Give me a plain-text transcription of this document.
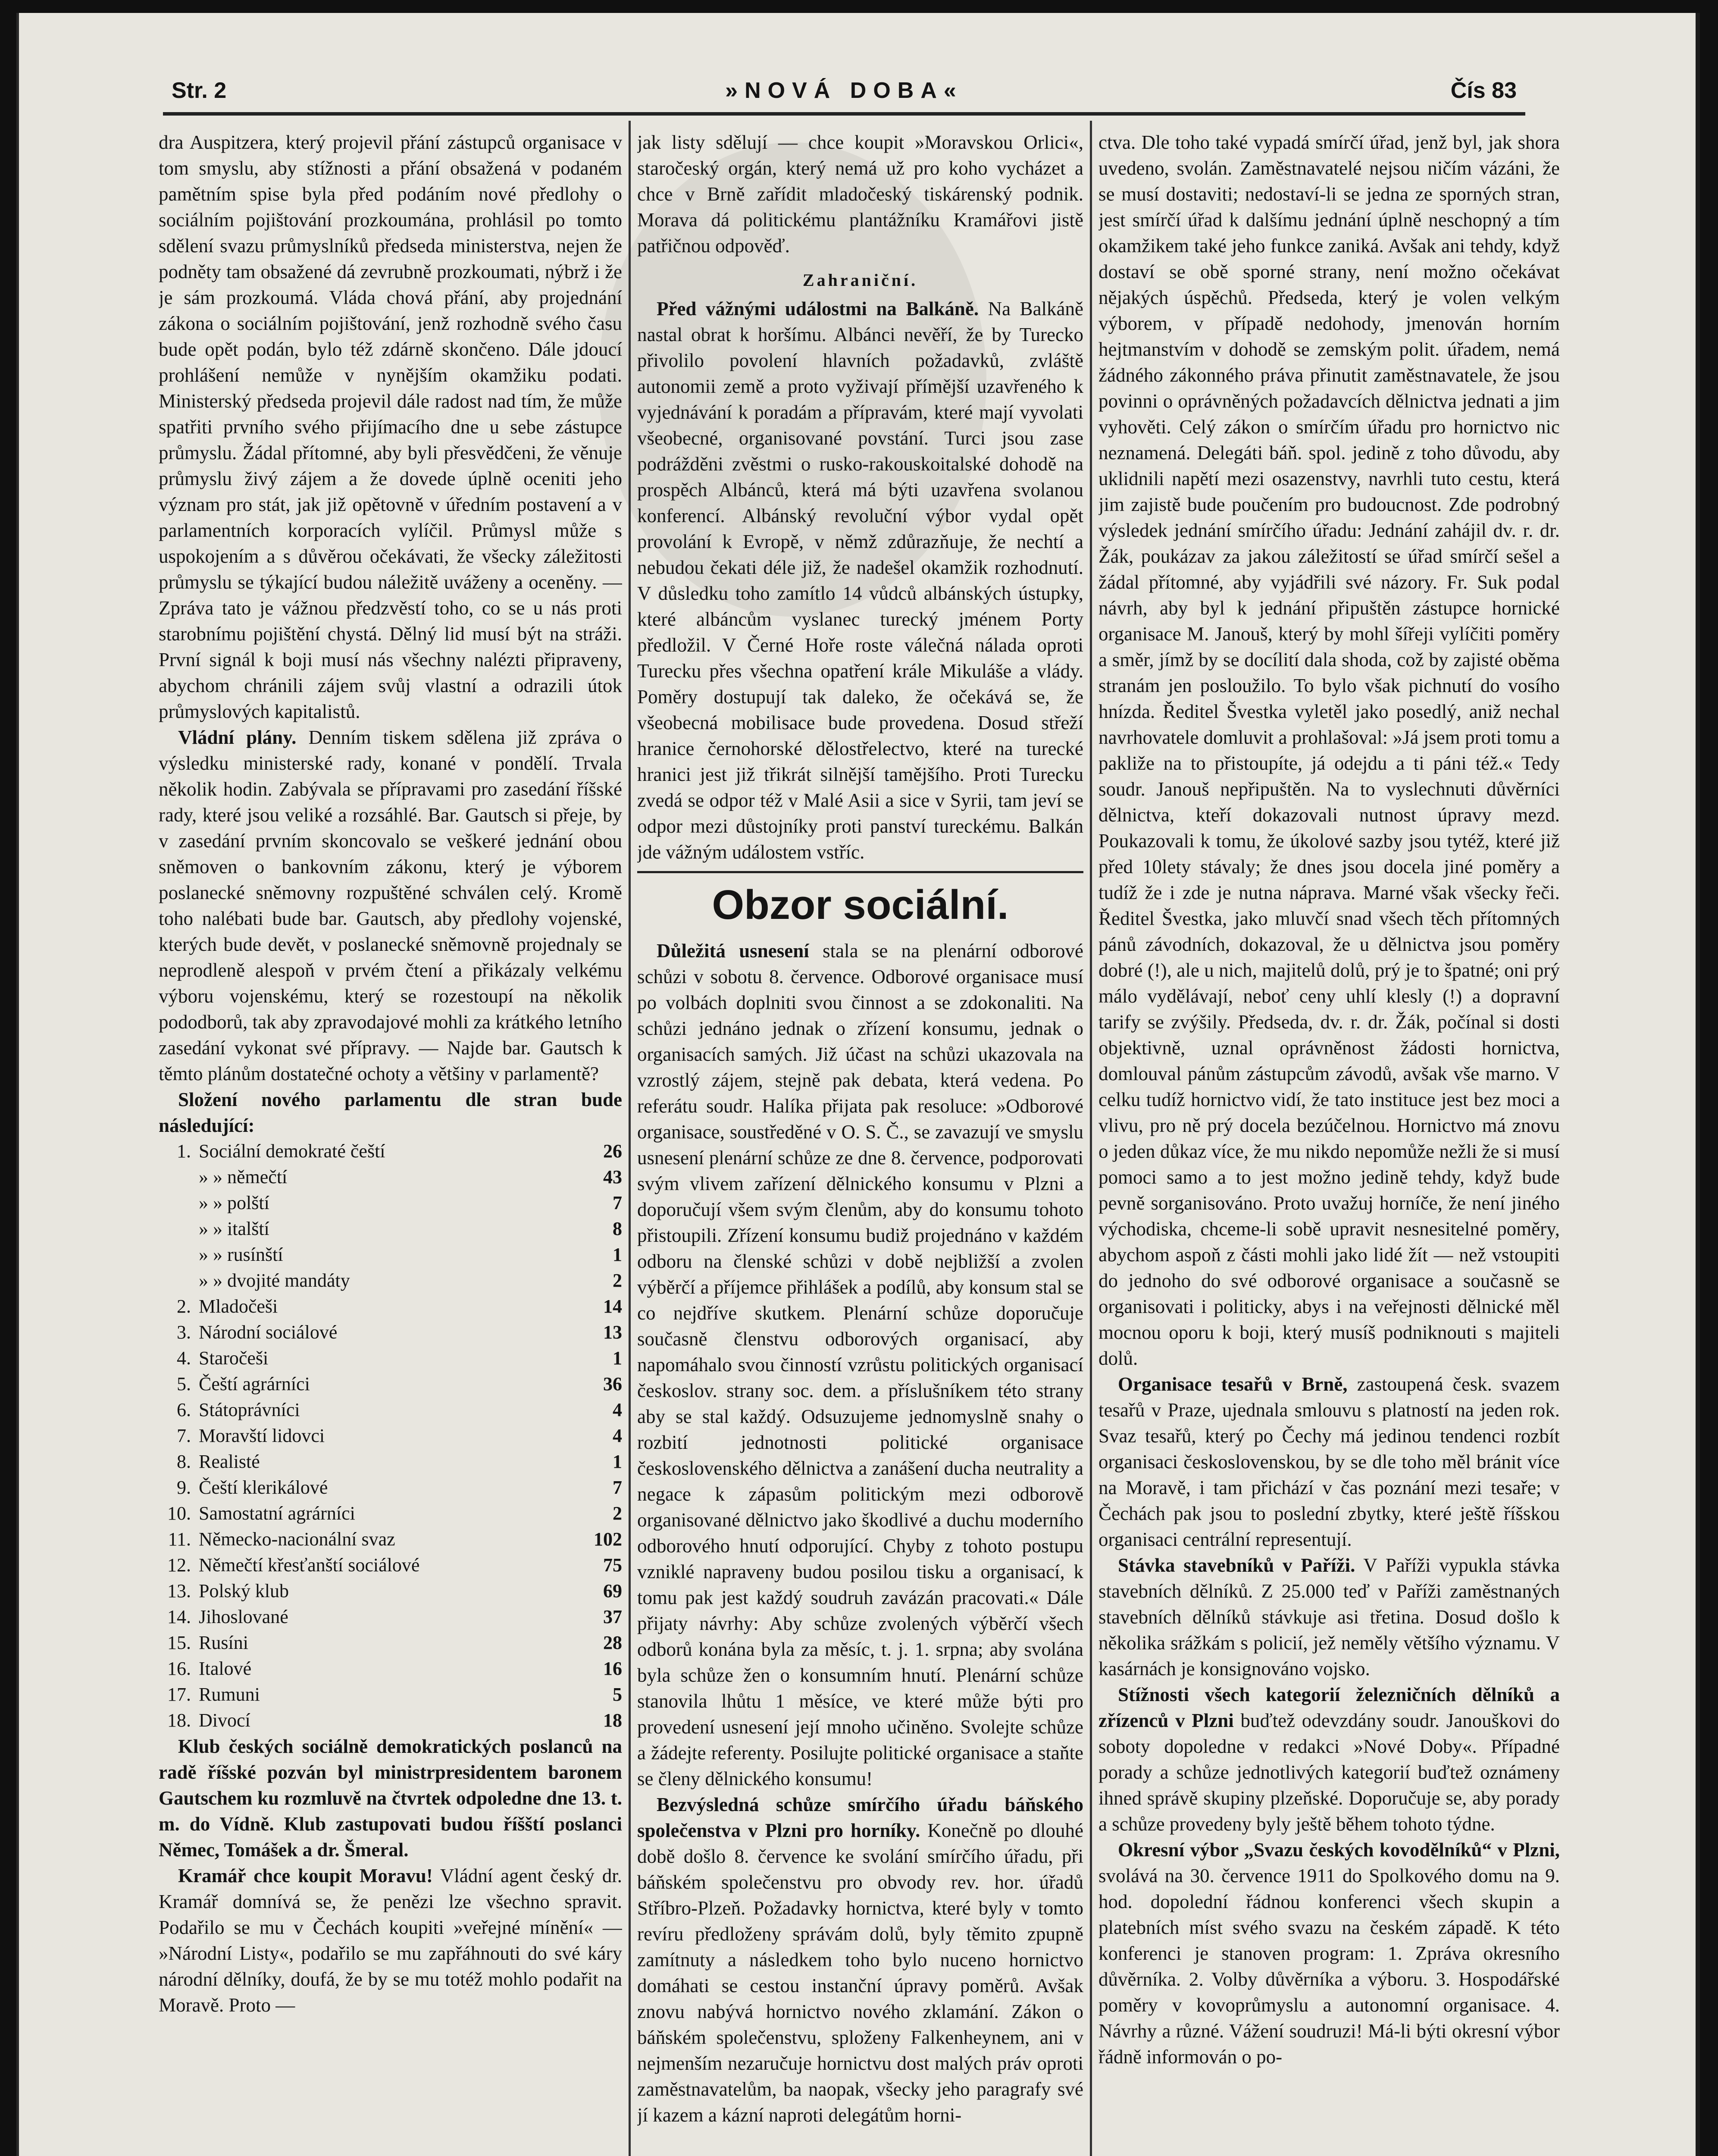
Str. 2	»NOVÁ DOBA«	Čís 83

dra Auspitzera, který projevil přání zástupců organisace v tom smyslu, aby stížnosti a přání obsažená v podaném pamětním spise byla před podáním nové předlohy o sociálním pojištování prozkoumána, prohlásil po tomto sdělení svazu průmyslníků předseda ministerstva, nejen že podněty tam obsažené dá zevrubně prozkoumati, nýbrž i že je sám prozkoumá. Vláda chová přání, aby projednání zákona o sociálním pojištování, jenž rozhodně svého času bude opět podán, bylo též zdárně skončeno. Dále jdoucí prohlášení nemůže v nynějším okamžiku podati. Ministerský předseda projevil dále radost nad tím, že může spatřiti prvního svého přijímacího dne u sebe zástupce průmyslu. Žádal přítomné, aby byli přesvědčeni, že věnuje průmyslu živý zájem a že dovede úplně oceniti jeho význam pro stát, jak již opětovně v úředním postavení a v parlamentních korporacích vylíčil. Průmysl může s uspokojením a s důvěrou očekávati, že všecky záležitosti průmyslu se týkající budou náležitě uváženy a oceněny. — Zpráva tato je vážnou předzvěstí toho, co se u nás proti starobnímu pojištění chystá. Dělný lid musí být na stráži. První signál k boji musí nás všechny nalézti připraveny, abychom chránili zájem svůj vlastní a odrazili útok průmyslových kapitalistů.

Vládní plány. Denním tiskem sdělena již zpráva o výsledku ministerské rady, konané v pondělí. Trvala několik hodin. Zabývala se přípravami pro zasedání říšské rady, které jsou veliké a rozsáhlé. Bar. Gautsch si přeje, by v zasedání prvním skoncovalo se veškeré jednání obou sněmoven o bankovním zákonu, který je výborem poslanecké sněmovny rozpuštěné schválen celý. Kromě toho nalébati bude bar. Gautsch, aby předlohy vojenské, kterých bude devět, v poslanecké sněmovně projednaly se neprodleně alespoň v prvém čtení a přikázaly velkému výboru vojenskému, který se rozestoupí na několik pododborů, tak aby zpravodajové mohli za krátkého letního zasedání vykonat své přípravy. — Najde bar. Gautsch k těmto plánům dostatečné ochoty a většiny v parlamentě?

Složení nového parlamentu dle stran bude následující:

1.	Sociální demokraté čeští	26
	» » němečtí	43
	» » polští	7
	» » italští	8
	» » rusínští	1
	» » dvojité mandáty	2
2.	Mladočeši	14
3.	Národní sociálové	13
4.	Staročeši	1
5.	Čeští agrárníci	36
6.	Státoprávníci	4
7.	Moravští lidovci	4
8.	Realisté	1
9.	Čeští klerikálové	7
10.	Samostatní agrárníci	2
11.	Německo-nacionální svaz	102
12.	Němečtí křesťanští sociálové	75
13.	Polský klub	69
14.	Jihoslované	37
15.	Rusíni	28
16.	Italové	16
17.	Rumuni	5
18.	Divocí	18

Klub českých sociálně demokratických poslanců na radě říšské pozván byl ministrpresidentem baronem Gautschem ku rozmluvě na čtvrtek odpoledne dne 13. t. m. do Vídně. Klub zastupovati budou říšští poslanci Němec, Tomášek a dr. Šmeral.

Kramář chce koupit Moravu! Vládní agent český dr. Kramář domnívá se, že penězi lze všechno spravit. Podařilo se mu v Čechách koupiti »veřejné mínění« — »Národní Listy«, podařilo se mu zapřáhnouti do své káry národní dělníky, doufá, že by se mu totéž mohlo podařit na Moravě. Proto —

jak listy sdělují — chce koupit »Moravskou Orlici«, staročeský orgán, který nemá už pro koho vycházet a chce v Brně zařídit mladočeský tiskárenský podnik. Morava dá politickému plantážníku Kramářovi jistě patřičnou odpověď.

Zahraniční.

Před vážnými událostmi na Balkáně. Na Balkáně nastal obrat k horšímu. Albánci nevěří, že by Turecko přivolilo povolení hlavních požadavků, zvláště autonomii země a proto vyživají přímější uzavřeného k vyjednávání k poradám a přípravám, které mají vyvolati všeobecné, organisované povstání. Turci jsou zase podrážděni zvěstmi o rusko-rakouskoitalské dohodě na prospěch Albánců, která má býti uzavřena svolanou konferencí. Albánský revoluční výbor vydal opět provolání k Evropě, v němž zdůrazňuje, že nechtí a nebudou čekati déle již, že nadešel okamžik rozhodnutí. V důsledku toho zamítlo 14 vůdců albánských ústupky, které albáncům vyslanec turecký jménem Porty předložil. V Černé Hoře roste válečná nálada oproti Turecku přes všechna opatření krále Mikuláše a vlády. Poměry dostupují tak daleko, že očekává se, že všeobecná mobilisace bude provedena. Dosud střeží hranice černohorské dělostřelectvo, které na turecké hranici jest již třikrát silnější tamějšího. Proti Turecku zvedá se odpor též v Malé Asii a sice v Syrii, tam jeví se odpor mezi důstojníky proti panství tureckému. Balkán jde vážným událostem vstříc.

Obzor sociální.

Důležitá usnesení stala se na plenární odborové schůzi v sobotu 8. července. Odborové organisace musí po volbách doplniti svou činnost a se zdokonaliti. Na schůzi jednáno jednak o zřízení konsumu, jednak o organisacích samých. Již účast na schůzi ukazovala na vzrostlý zájem, stejně pak debata, která vedena. Po referátu soudr. Halíka přijata pak resoluce: »Odborové organisace, soustředěné v O. S. Č., se zavazují ve smyslu usnesení plenární schůze ze dne 8. července, podporovati svým vlivem zařízení dělnického konsumu v Plzni a doporučují všem svým členům, aby do konsumu tohoto přistoupili. Zřízení konsumu budiž projednáno v každém odboru na členské schůzi v době nejbližší a zvolen výběrčí a příjemce přihlášek a podílů, aby konsum stal se co nejdříve skutkem. Plenární schůze doporučuje současně členstvu odborových organisací, aby napomáhalo svou činností vzrůstu politických organisací českoslov. strany soc. dem. a příslušníkem této strany aby se stal každý. Odsuzujeme jednomyslně snahy o rozbití jednotnosti politické organisace československého dělnictva a zanášení ducha neutrality a negace k zápasům politickým mezi odborově organisované dělnictvo jako škodlivé a duchu moderního odborového hnutí odporující. Chyby z tohoto postupu vzniklé napraveny budou posilou tisku a organisací, k tomu pak jest každý soudruh zavázán pracovati.« Dále přijaty návrhy: Aby schůze zvolených výběrčí všech odborů konána byla za měsíc, t. j. 1. srpna; aby svolána byla schůze žen o konsumním hnutí. Plenární schůze stanovila lhůtu 1 měsíce, ve které může býti pro provedení usnesení její mnoho učiněno. Svolejte schůze a žádejte referenty. Posilujte politické organisace a staňte se členy dělnického konsumu!

Bezvýsledná schůze smírčího úřadu báňského společenstva v Plzni pro horníky. Konečně po dlouhé době došlo 8. července ke svolání smírčího úřadu, při báňském společenstvu pro obvody rev. hor. úřadů Stříbro-Plzeň. Požadavky hornictva, které byly v tomto revíru předloženy správám dolů, byly těmito zpupně zamítnuty a následkem toho bylo nuceno hornictvo domáhati se cestou instanční úpravy poměrů. Avšak znovu nabývá hornictvo nového zklamání. Zákon o báňském společenstvu, sploženy Falkenheynem, ani v nejmenším nezaručuje hornictvu dost malých práv oproti zaměstnavatelům, ba naopak, všecky jeho paragrafy své jí kazem a kázní naproti delegátům horni-

ctva. Dle toho také vypadá smírčí úřad, jenž byl, jak shora uvedeno, svolán. Zaměstnavatelé nejsou ničím vázáni, že se musí dostaviti; nedostaví-li se jedna ze sporných stran, jest smírčí úřad k dalšímu jednání úplně neschopný a tím okamžikem také jeho funkce zaniká. Avšak ani tehdy, když dostaví se obě sporné strany, není možno očekávat nějakých úspěchů. Předseda, který je volen velkým výborem, v případě nedohody, jmenován horním hejtmanstvím v dohodě se zemským polit. úřadem, nemá žádného zákonného práva přinutit zaměstnavatele, že jsou povinni o oprávněných požadavcích dělnictva jednati a jim vyhověti. Celý zákon o smírčím úřadu pro hornictvo nic neznamená. Delegáti báň. spol. jedině z toho důvodu, aby uklidnili napětí mezi osazenstvy, navrhli tuto cestu, která jim zajistě bude poučením pro budoucnost. Zde podrobný výsledek jednání smírčího úřadu: Jednání zahájil dv. r. dr. Žák, poukázav za jakou záležitostí se úřad smírčí sešel a žádal přítomné, aby vyjádřili své názory. Fr. Suk podal návrh, aby byl k jednání připuštěn zástupce hornické organisace M. Janouš, který by mohl šířeji vylíčiti poměry a směr, jímž by se docílití dala shoda, což by zajisté oběma stranám jen posloužilo. To bylo však pichnutí do vosího hnízda. Ředitel Švestka vyletěl jako posedlý, aniž nechal navrhovatele domluvit a prohlašoval: »Já jsem proti tomu a pakliže na to přistoupíte, já odejdu a ti páni též.« Tedy soudr. Janouš nepřipuštěn. Na to vyslechnuti důvěrníci dělnictva, kteří dokazovali nutnost úpravy mezd. Poukazovali k tomu, že úkolové sazby jsou tytéž, které již před 10lety stávaly; že dnes jsou docela jiné poměry a tudíž že i zde je nutna náprava. Marné však všecky řeči. Ředitel Švestka, jako mluvčí snad všech těch přítomných pánů závodních, dokazoval, že u dělnictva jsou poměry dobré (!), ale u nich, majitelů dolů, prý je to špatné; oni prý málo vydělávají, neboť ceny uhlí klesly (!) a dopravní tarify se zvýšily. Předseda, dv. r. dr. Žák, počínal si dosti objektivně, uznal oprávněnost žádosti hornictva, domlouval pánům zástupcům závodů, avšak vše marno. V celku tudíž hornictvo vidí, že tato instituce jest bez moci a vlivu, pro ně prý docela bezúčelnou. Hornictvo má znovu o jeden důkaz více, že mu nikdo nepomůže nežli že si musí pomoci samo a to jest možno jedině tehdy, když bude pevně sorganisováno. Proto uvažuj horníče, že není jiného východiska, chceme-li sobě upravit nesnesitelné poměry, abychom aspoň z části mohli jako lidé žít — než vstoupiti do jednoho do své odborové organisace a současně se organisovati i politicky, abys i na veřejnosti dělnické měl mocnou oporu k boji, který musíš podniknouti s majiteli dolů.

Organisace tesařů v Brně, zastoupená česk. svazem tesařů v Praze, ujednala smlouvu s platností na jeden rok. Svaz tesařů, který po Čechy má jedinou tendenci rozbít organisaci československou, by se dle toho měl bránit více na Moravě, i tam přichází v čas poznání mezi tesaře; v Čechách pak jsou to poslední zbytky, které ještě říšskou organisaci centrální representují.

Stávka stavebníků v Paříži. V Paříži vypukla stávka stavebních dělníků. Z 25.000 teď v Paříži zaměstnaných stavebních dělníků stávkuje asi třetina. Dosud došlo k několika srážkám s policií, jež neměly většího významu. V kasárnách je konsignováno vojsko.

Stížnosti všech kategorií železničních dělníků a zřízenců v Plzni buďtež odevzdány soudr. Janouškovi do soboty dopoledne v redakci »Nové Doby«. Případné porady a schůze jednotlivých kategorií buďtež oznámeny ihned správě skupiny plzeňské. Doporučuje se, aby porady a schůze provedeny byly ještě během tohoto týdne.

Okresní výbor „Svazu českých kovodělníků“ v Plzni, svolává na 30. července 1911 do Spolkového domu na 9. hod. dopolední řádnou konferenci všech skupin a platebních míst svého svazu na českém západě. K této konferenci je stanoven program: 1. Zpráva okresního důvěrníka. 2. Volby důvěrníka a výboru. 3. Hospodářské poměry v kovoprůmyslu a autonomní organisace. 4. Návrhy a různé. Vážení soudruzi! Má-li býti okresní výbor řádně informován o po-
